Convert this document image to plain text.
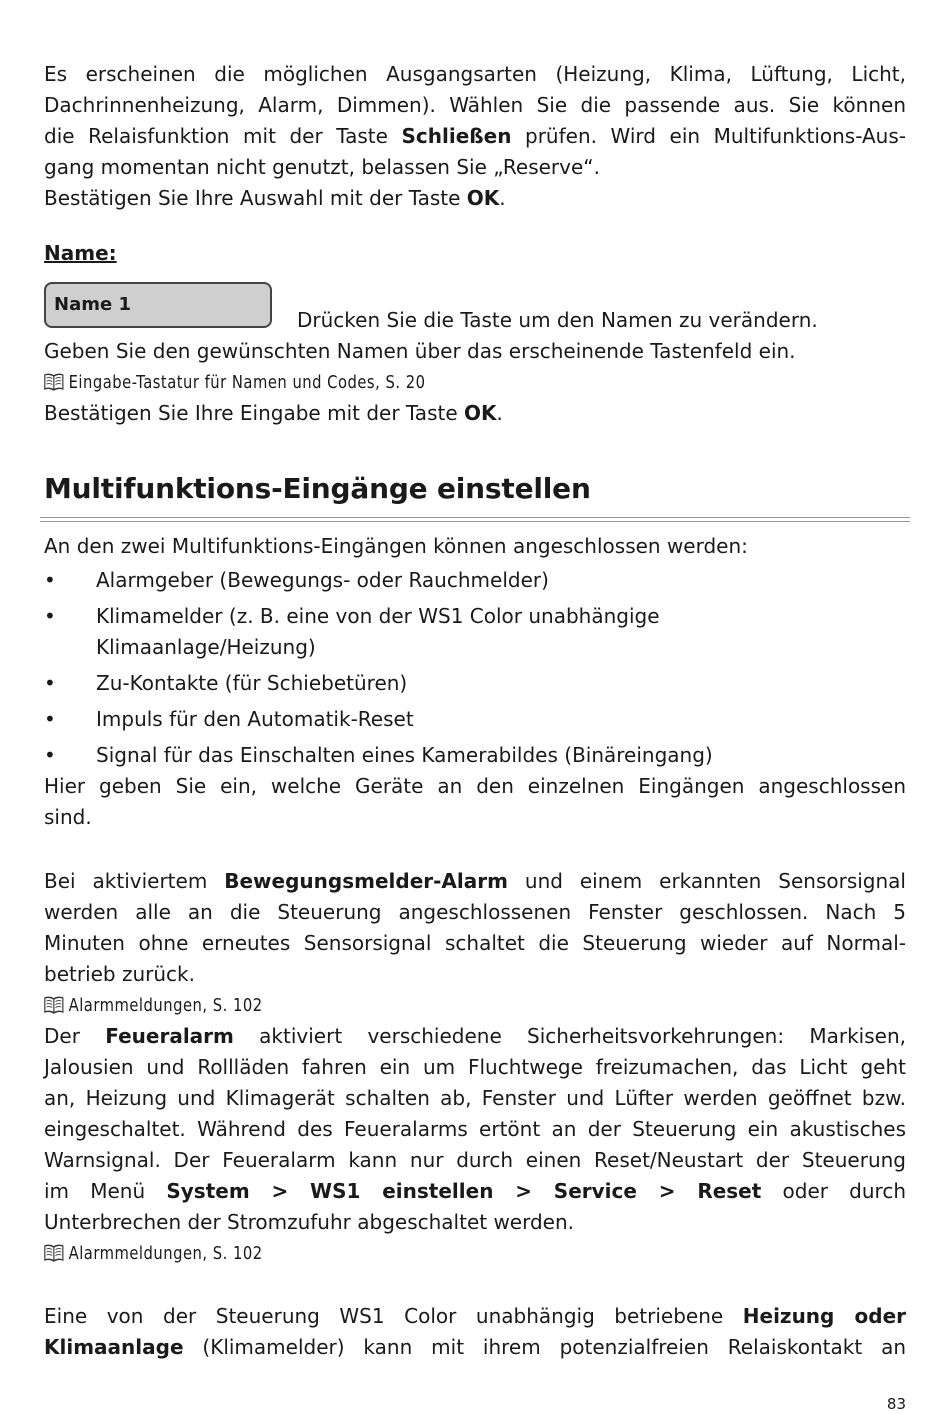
Es erscheinen die möglichen Ausgangsarten (Heizung, Klima, Lüftung, Licht,

Dachrinnenheizung, Alarm, Dimmen). Wählen Sie die passende aus. Sie können

die Relaisfunktion mit der Taste Schließen prüfen. Wird ein Multifunktions-Aus-

gang momentan nicht genutzt, belassen Sie „Reserve“.

Bestätigen Sie Ihre Auswahl mit der Taste OK.

Name:
Name 1

Drücken Sie die Taste um den Namen zu verändern.

Geben Sie den gewünschten Namen über das erscheinende Tastenfeld ein.

Eingabe-Tastatur für Namen und Codes, S. 20

Bestätigen Sie Ihre Eingabe mit der Taste OK.

Multifunktions-Eingänge einstellen

An den zwei Multifunktions-Eingängen können angeschlossen werden:

•	Alarmgeber (Bewegungs- oder Rauchmelder)
•	Klimamelder (z. B. eine von der WS1 Color unabhängige
Klimaanlage/Heizung)
•	Zu-Kontakte (für Schiebetüren)
•	Impuls für den Automatik-Reset
•	Signal für das Einschalten eines Kamerabildes (Binäreingang)

Hier geben Sie ein, welche Geräte an den einzelnen Eingängen angeschlossen

sind.

Bei aktiviertem Bewegungsmelder-Alarm und einem erkannten Sensorsignal

werden alle an die Steuerung angeschlossenen Fenster geschlossen. Nach 5

Minuten ohne erneutes Sensorsignal schaltet die Steuerung wieder auf Normal-

betrieb zurück.

Alarmmeldungen, S. 102

Der Feueralarm aktiviert verschiedene Sicherheitsvorkehrungen: Markisen,

Jalousien und Rollläden fahren ein um Fluchtwege freizumachen, das Licht geht

an, Heizung und Klimagerät schalten ab, Fenster und Lüfter werden geöffnet bzw.

eingeschaltet. Während des Feueralarms ertönt an der Steuerung ein akustisches

Warnsignal. Der Feueralarm kann nur durch einen Reset/Neustart der Steuerung

im Menü System > WS1 einstellen > Service > Reset oder durch

Unterbrechen der Stromzufuhr abgeschaltet werden.

Alarmmeldungen, S. 102

Eine von der Steuerung WS1 Color unabhängig betriebene Heizung oder

Klimaanlage (Klimamelder) kann mit ihrem potenzialfreien Relaiskontakt an

83
